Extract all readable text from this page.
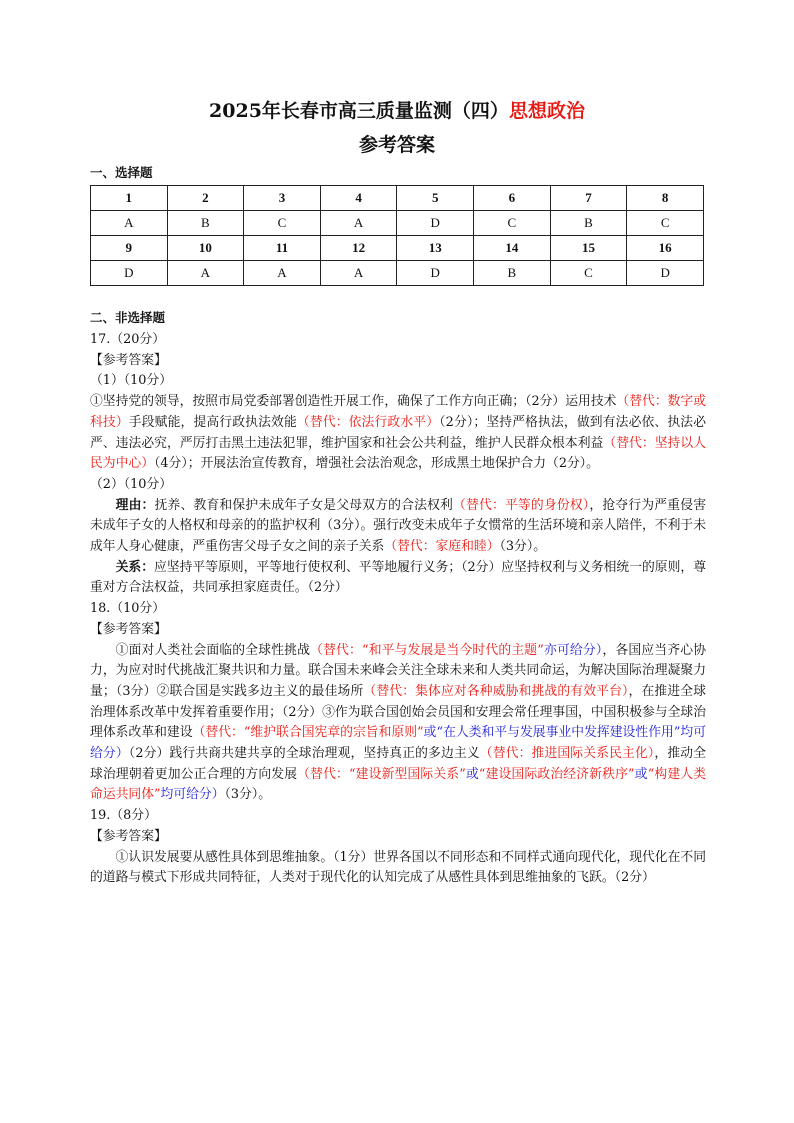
2025年长春市高三质量监测（四）思想政治
参考答案
一、选择题
1	2	3	4	5	6	7	8
A	B	C	A	D	C	B	C
9	10	11	12	13	14	15	16
D	A	A	A	D	B	C	D
二、非选择题

17.（20分）

【参考答案】

（1）（10分）

①坚持党的领导，按照市局党委部署创造性开展工作，确保了工作方向正确；（2分）运用技术（替代：数字或科技）手段赋能，提高行政执法效能（替代：依法行政水平）（2分）；坚持严格执法，做到有法必依、执法必严、违法必究，严厉打击黑土违法犯罪，维护国家和社会公共利益，维护人民群众根本利益（替代：坚持以人民为中心）（4分）；开展法治宣传教育，增强社会法治观念，形成黑土地保护合力（2分）。

（2）（10分）

理由：抚养、教育和保护未成年子女是父母双方的合法权利（替代：平等的身份权），抢夺行为严重侵害未成年子女的人格权和母亲的的监护权利（3分）。强行改变未成年子女惯常的生活环境和亲人陪伴，不利于未成年人身心健康，严重伤害父母子女之间的亲子关系（替代：家庭和睦）（3分）。

关系：应坚持平等原则，平等地行使权利、平等地履行义务；（2分）应坚持权利与义务相统一的原则，尊重对方合法权益，共同承担家庭责任。（2分）

18.（10分）

【参考答案】

①面对人类社会面临的全球性挑战（替代：“和平与发展是当今时代的主题”亦可给分），各国应当齐心协力，为应对时代挑战汇聚共识和力量。联合国未来峰会关注全球未来和人类共同命运，为解决国际治理凝聚力量；（3分）②联合国是实践多边主义的最佳场所（替代：集体应对各种威胁和挑战的有效平台），在推进全球治理体系改革中发挥着重要作用；（2分）③作为联合国创始会员国和安理会常任理事国，中国积极参与全球治理体系改革和建设（替代：“维护联合国宪章的宗旨和原则”或“在人类和平与发展事业中发挥建设性作用”均可给分）（2分）践行共商共建共享的全球治理观，坚持真正的多边主义（替代：推进国际关系民主化），推动全球治理朝着更加公正合理的方向发展（替代：“建设新型国际关系”或“建设国际政治经济新秩序”或“构建人类命运共同体”均可给分）（3分）。

19.（8分）

【参考答案】

①认识发展要从感性具体到思维抽象。（1分）世界各国以不同形态和不同样式通向现代化，现代化在不同的道路与模式下形成共同特征，人类对于现代化的认知完成了从感性具体到思维抽象的飞跃。（2分）
